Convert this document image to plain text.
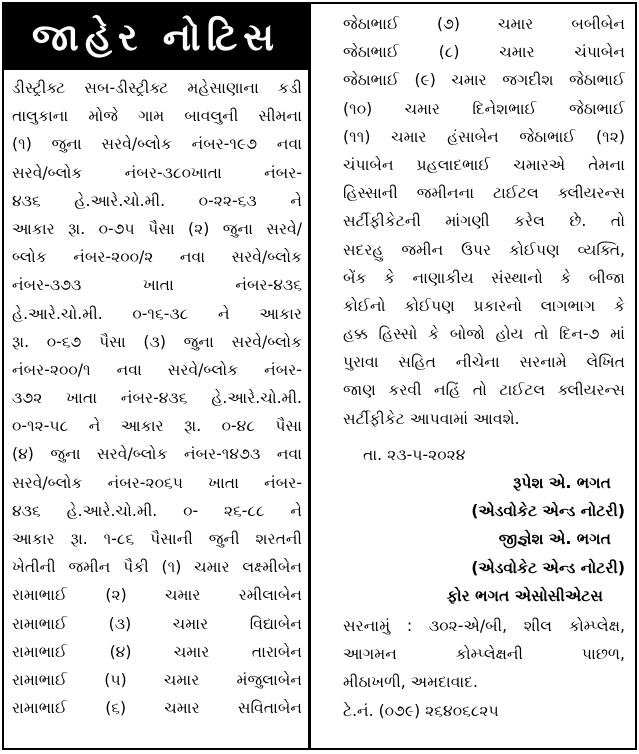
જાહેર નોટિસ
ડીસ્ટ્રીક્ટ સબ-ડીસ્ટ્રીક્ટ મહેસાણાના કડી
તાલુકાના મોજે ગામ બાવલુની સીમના
(૧) જુના સરવે/બ્લોક નંબર-૧૯૭ નવા
સરવે/બ્લોક નંબર-૩૮૦ખાતા નંબર-
૪૩૬ હે.આરે.ચો.મી. ૦-૨૨-૬૩ ને
આકાર રૂા. ૦-૭૫ પૈસા (૨) જુના સરવે/
બ્લોક નંબર-૨૦૦/૨ નવા સરવે/બ્લોક
નંબર-૩૭૩ ખાતા નંબર-૪૩૬
હે.આરે.ચો.મી. ૦-૧૬-૩૮ ને આકાર
રૂા. ૦-૬૭ પૈસા (૩) જુના સરવે/બ્લોક
નંબર-૨૦૦/૧ નવા સરવે/બ્લોક નંબર-
૩૭૨ ખાતા નંબર-૪૩૬ હે.આરે.ચો.મી.
૦-૧૨-૫૮ ને આકાર રૂા. ૦-૪૮ પૈસા
(૪) જુના સરવે/બ્લોક નંબર-૧૪૭૩ નવા
સરવે/બ્લોક નંબર-૨૦૬૫ ખાતા નંબર-
૪૩૬ હે.આરે.ચો.મી. ૦- ૨૬-૮૮ ને
આકાર રૂા. ૧-૮૬ પૈસાની જુની શરતની
ખેતીની જમીન પૈકી (૧) ચમાર લક્ષ્મીબેન
રામાભાઈ (૨) ચમાર રમીલાબેન
રામાભાઈ (૩) ચમાર વિદ્યાબેન
રામાભાઈ (૪) ચમાર તારાબેન
રામાભાઈ (૫) ચમાર મંજુલાબેન
રામાભાઈ (૬) ચમાર સવિતાબેન
જેઠાભાઈ (૭) ચમાર બબીબેન
જેઠાભાઈ (૮) ચમાર ચંપાબેન
જેઠાભાઈ (૯) ચમાર જગદીશ જેઠાભાઈ
(૧૦) ચમાર દિનેશભાઈ જેઠાભાઈ
(૧૧) ચમાર હંસાબેન જેઠાભાઈ (૧૨)
ચંપાબેન પ્રહલાદભાઈ ચમારએ તેમના
હિસ્સાની જમીનના ટાઈટલ ક્લીયરન્સ
સર્ટીફીકેટની માંગણી કરેલ છે. તો
સદરહુ જમીન ઉપર કોઈપણ વ્યક્તિ,
બેંક કે નાણાકીય સંસ્થાનો કે બીજા
કોઈનો કોઈપણ પ્રકારનો લાગભાગ કે
હક્ક હિસ્સો કે બોજો હોય તો દિન-૭ માં
પુરાવા સહિત નીચેના સરનામે લેખિત
જાણ કરવી નહિં તો ટાઈટલ ક્લીયરન્સ
સર્ટીફીકેટ આપવામાં આવશે.
તા. ૨૩-૫-૨૦૨૪
રૂપેશ એ. ભગત
(એડવોકેટ એન્ડ નોટરી)
જીજ્ઞેશ એ. ભગત
(એડવોકેટ એન્ડ નોટરી)
ફોર ભગત એસોસીએટસ
સરનામું : ૩૦૨-એ/બી, શીલ કોમ્પ્લેક્ષ,
આગમન કોમ્પ્લેક્ષની પાછળ,
મીઠાખળી, અમદાવાદ.
ટે.નં. (૦૭૯) ૨૬૪૦૬૮૨૫
